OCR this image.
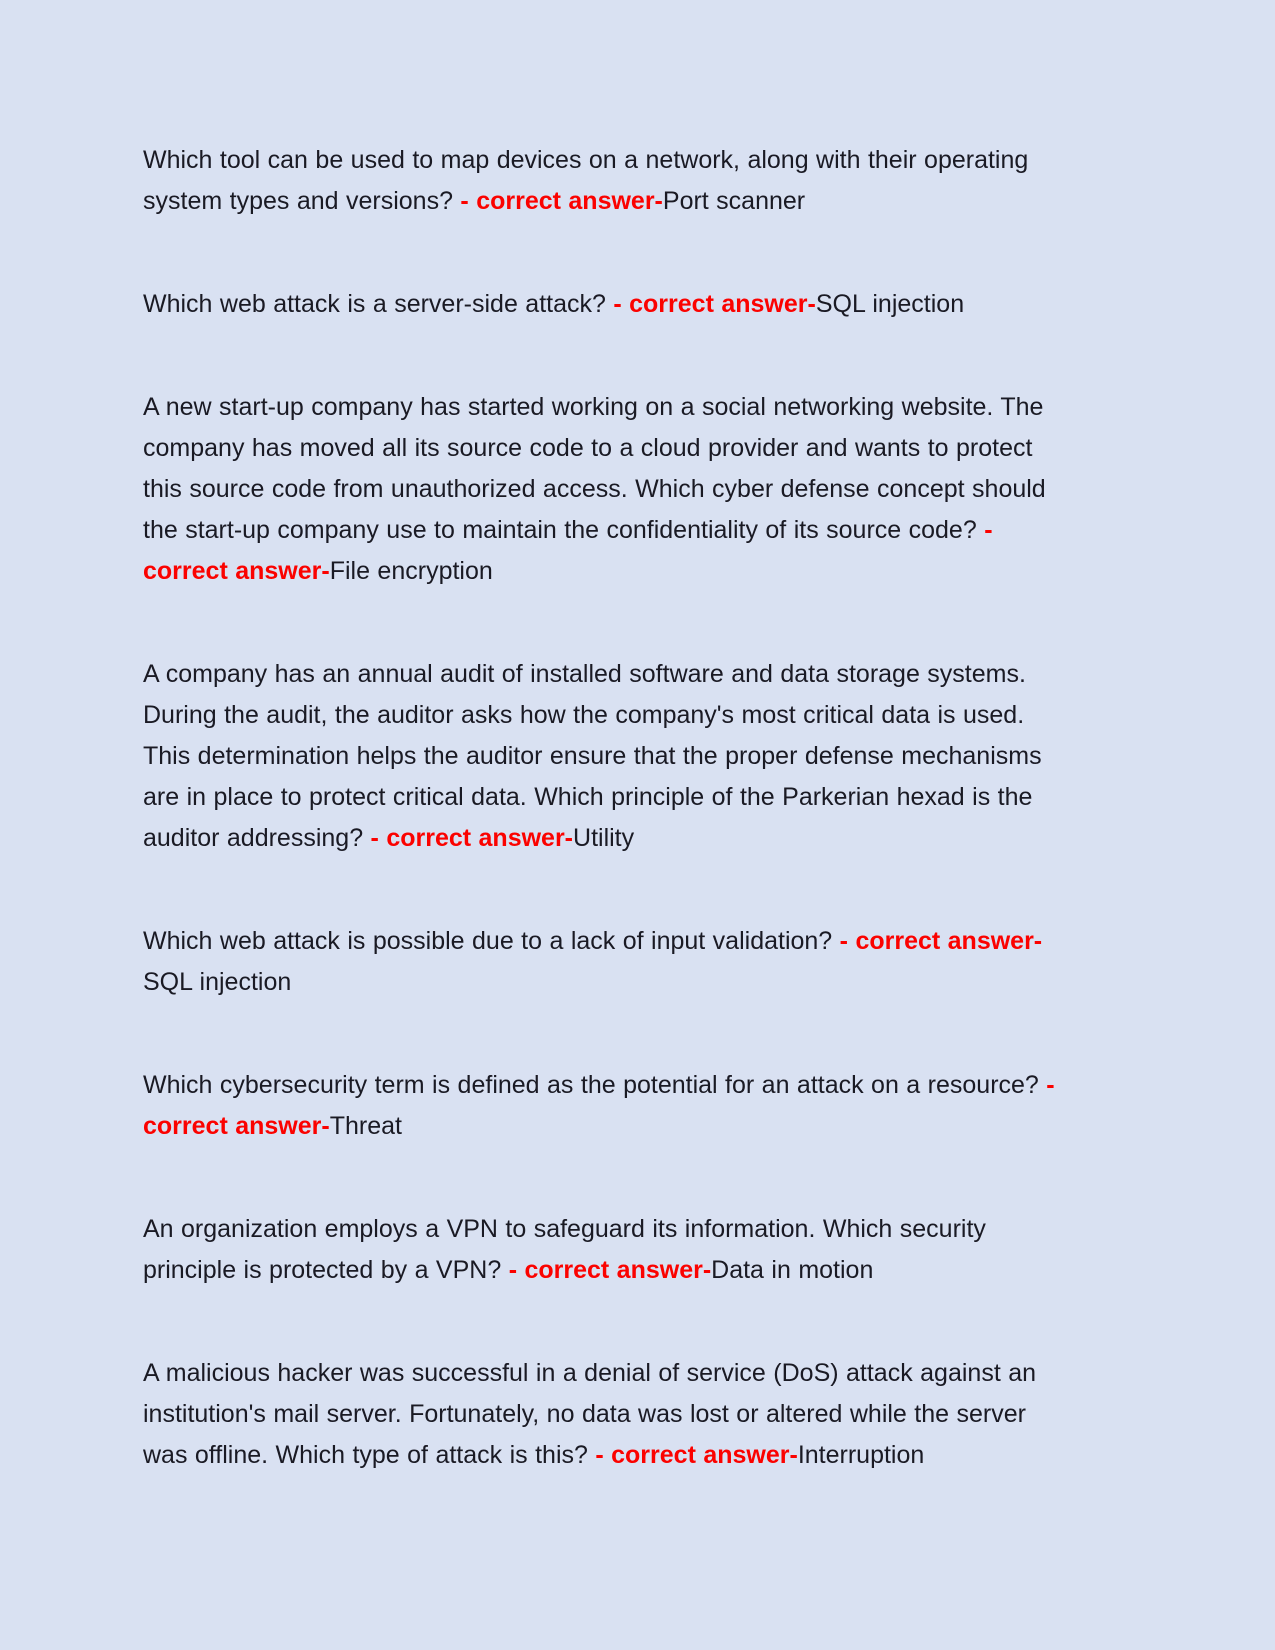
Which tool can be used to map devices on a network, along with their operating system types and versions? - correct answer-Port scanner

Which web attack is a server-side attack? - correct answer-SQL injection

A new start-up company has started working on a social networking website. The company has moved all its source code to a cloud provider and wants to protect this source code from unauthorized access. Which cyber defense concept should the start-up company use to maintain the confidentiality of its source code? - correct answer-File encryption

A company has an annual audit of installed software and data storage systems. During the audit, the auditor asks how the company's most critical data is used. This determination helps the auditor ensure that the proper defense mechanisms are in place to protect critical data. Which principle of the Parkerian hexad is the auditor addressing? - correct answer-Utility

Which web attack is possible due to a lack of input validation? - correct answer-SQL injection

Which cybersecurity term is defined as the potential for an attack on a resource? - correct answer-Threat

An organization employs a VPN to safeguard its information. Which security principle is protected by a VPN? - correct answer-Data in motion

A malicious hacker was successful in a denial of service (DoS) attack against an institution's mail server. Fortunately, no data was lost or altered while the server was offline. Which type of attack is this? - correct answer-Interruption
